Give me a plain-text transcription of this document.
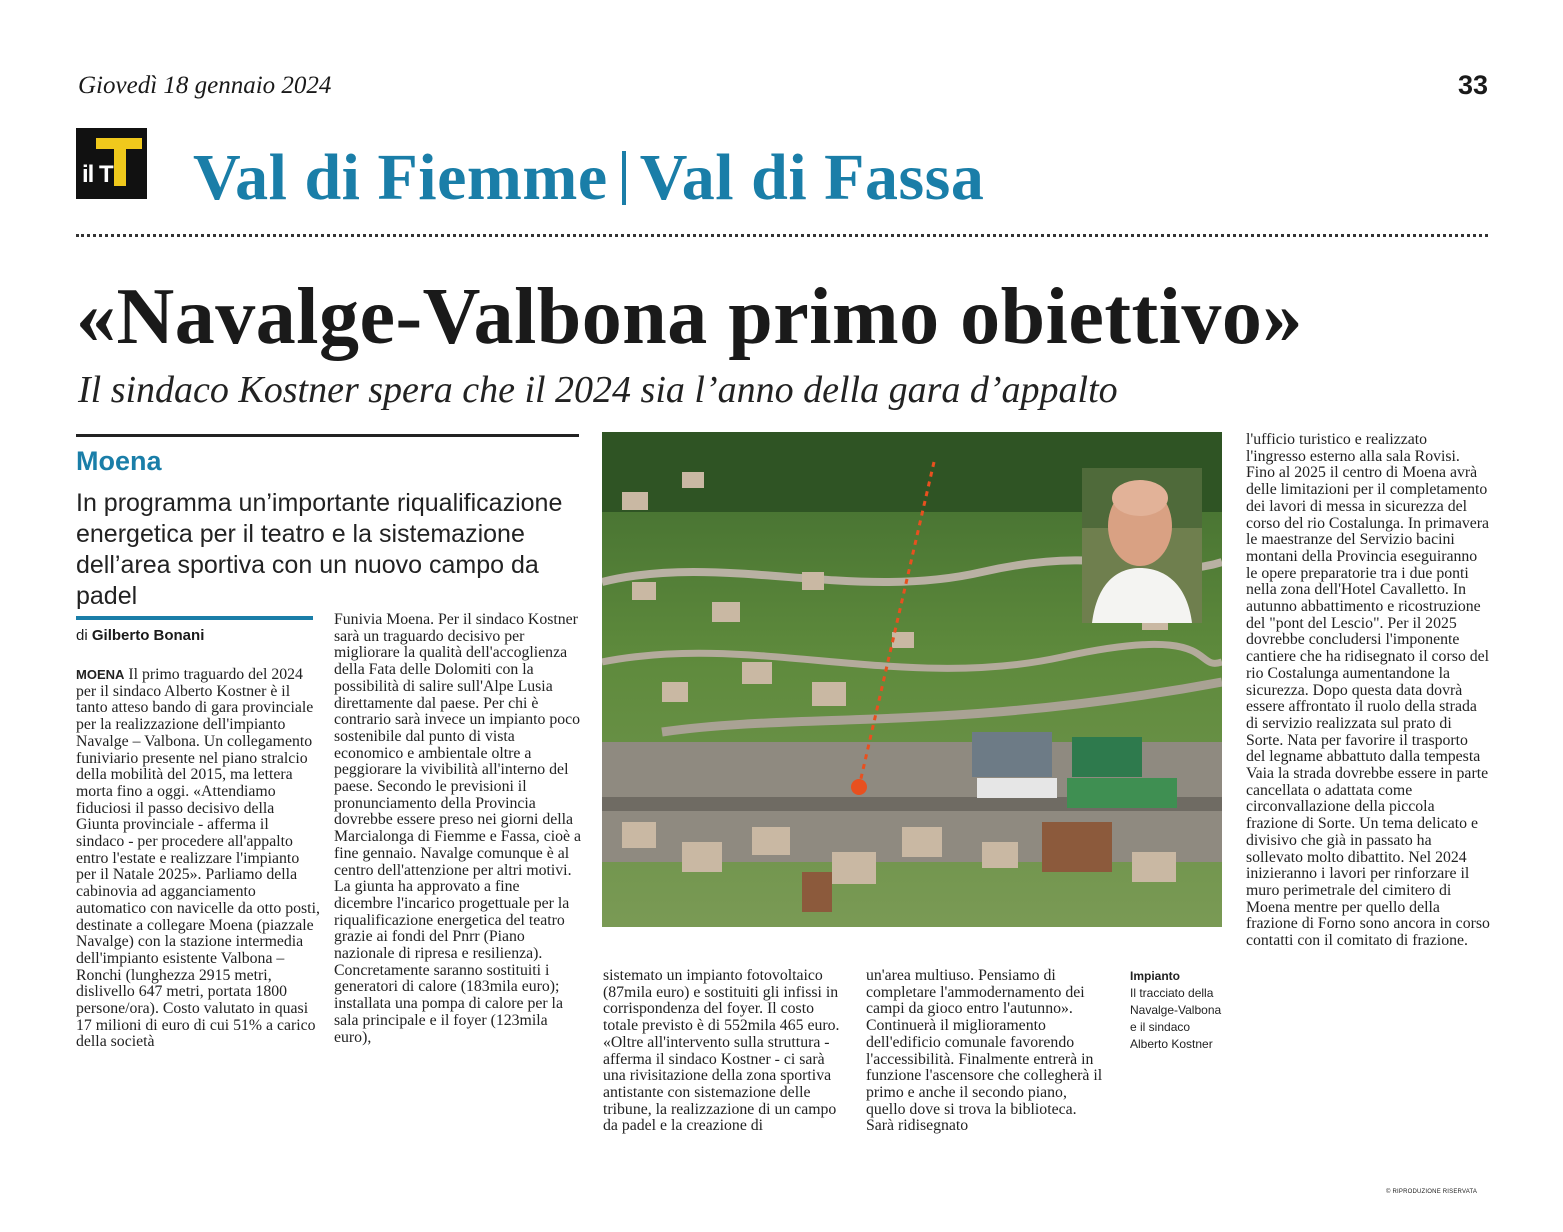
Giovedì 18 gennaio 2024	33
il T Val di Fiemme Val di Fassa
«Navalge-Valbona primo obiettivo»
Il sindaco Kostner spera che il 2024 sia l’anno della gara d’appalto
Moena
In programma un’importante riqualificazione energetica per il teatro e la sistemazione dell’area sportiva con un nuovo campo da padel
di Gilberto Bonani
MOENA Il primo traguardo del 2024 per il sindaco Alberto Kostner è il tanto atteso bando di gara provinciale per la realizzazione dell'impianto Navalge – Valbona. Un collegamento funiviario presente nel piano stralcio della mobilità del 2015, ma lettera morta fino a oggi. «Attendiamo fiduciosi il passo decisivo della Giunta provinciale - afferma il sindaco - per procedere all'appalto entro l'estate e realizzare l'impianto per il Natale 2025». Parliamo della cabinovia ad agganciamento automatico con navicelle da otto posti, destinate a collegare Moena (piazzale Navalge) con la stazione intermedia dell'impianto esistente Valbona – Ronchi (lunghezza 2915 metri, dislivello 647 metri, portata 1800 persone/ora). Costo valutato in quasi 17 milioni di euro di cui 51% a carico della società
Funivia Moena. Per il sindaco Kostner sarà un traguardo decisivo per migliorare la qualità dell'accoglienza della Fata delle Dolomiti con la possibilità di salire sull'Alpe Lusia direttamente dal paese. Per chi è contrario sarà invece un impianto poco sostenibile dal punto di vista economico e ambientale oltre a peggiorare la vivibilità all'interno del paese. Secondo le previsioni il pronunciamento della Provincia dovrebbe essere preso nei giorni della Marcialonga di Fiemme e Fassa, cioè a fine gennaio. Navalge comunque è al centro dell'attenzione per altri motivi. La giunta ha approvato a fine dicembre l'incarico progettuale per la riqualificazione energetica del teatro grazie ai fondi del Pnrr (Piano nazionale di ripresa e resilienza). Concretamente saranno sostituiti i generatori di calore (183mila euro); installata una pompa di calore per la sala principale e il foyer (123mila euro),
sistemato un impianto fotovoltaico (87mila euro) e sostituiti gli infissi in corrispondenza del foyer. Il costo totale previsto è di 552mila 465 euro. «Oltre all'intervento sulla struttura - afferma il sindaco Kostner - ci sarà una rivisitazione della zona sportiva antistante con sistemazione delle tribune, la realizzazione di un campo da padel e la creazione di
un'area multiuso. Pensiamo di completare l'ammodernamento dei campi da gioco entro l'autunno». Continuerà il miglioramento dell'edificio comunale favorendo l'accessibilità. Finalmente entrerà in funzione l'ascensore che collegherà il primo e anche il secondo piano, quello dove si trova la biblioteca. Sarà ridisegnato
l'ufficio turistico e realizzato l'ingresso esterno alla sala Rovisi. Fino al 2025 il centro di Moena avrà delle limitazioni per il completamento dei lavori di messa in sicurezza del corso del rio Costalunga. In primavera le maestranze del Servizio bacini montani della Provincia eseguiranno le opere preparatorie tra i due ponti nella zona dell'Hotel Cavalletto. In autunno abbattimento e ricostruzione del "pont del Lescio". Per il 2025 dovrebbe concludersi l'imponente cantiere che ha ridisegnato il corso del rio Costalunga aumentandone la sicurezza. Dopo questa data dovrà essere affrontato il ruolo della strada di servizio realizzata sul prato di Sorte. Nata per favorire il trasporto del legname abbattuto dalla tempesta Vaia la strada dovrebbe essere in parte cancellata o adattata come circonvallazione della piccola frazione di Sorte. Un tema delicato e divisivo che già in passato ha sollevato molto dibattito. Nel 2024 inizieranno i lavori per rinforzare il muro perimetrale del cimitero di Moena mentre per quello della frazione di Forno sono ancora in corso contatti con il comitato di frazione.
Impianto
Il tracciato della Navalge-Valbona e il sindaco Alberto Kostner
© RIPRODUZIONE RISERVATA
